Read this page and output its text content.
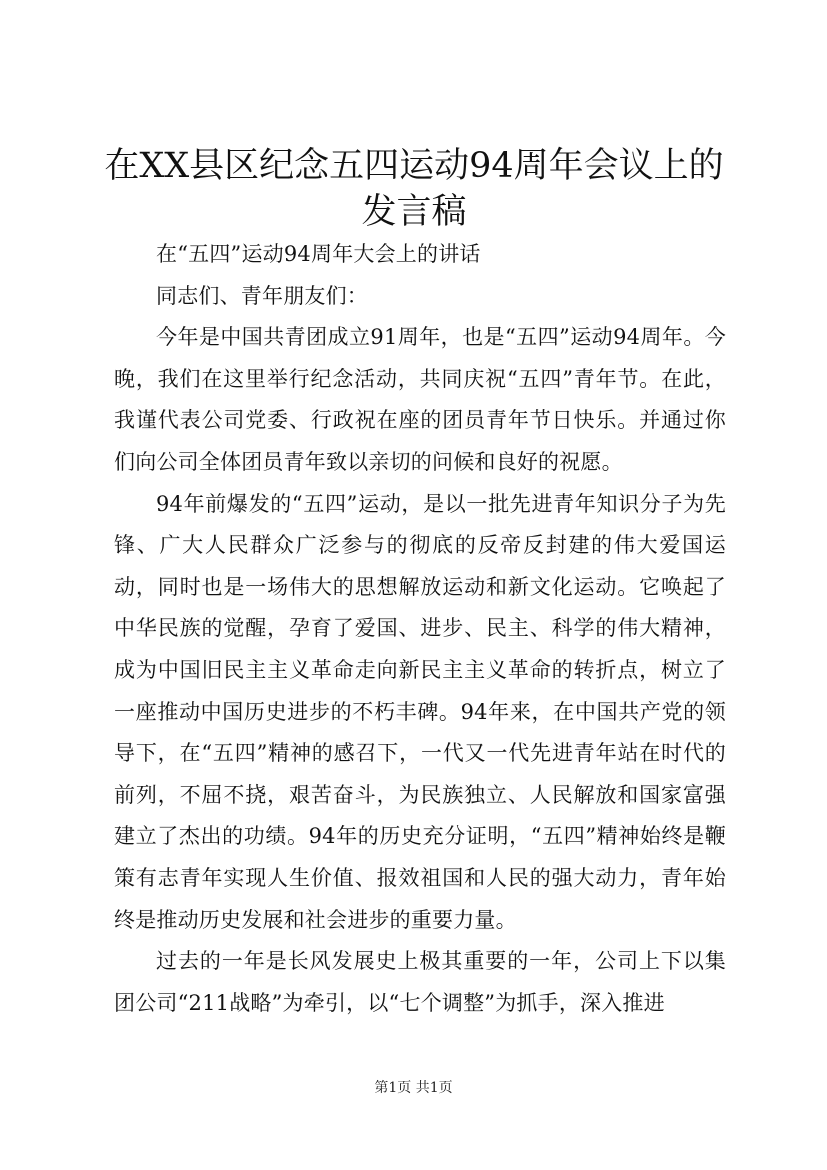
在XX县区纪念五四运动94周年会议上的发言稿

在“五四”运动94周年大会上的讲话

同志们、青年朋友们：

今年是中国共青团成立91周年，也是“五四”运动94周年。今晚，我们在这里举行纪念活动，共同庆祝“五四”青年节。在此，我谨代表公司党委、行政祝在座的团员青年节日快乐。并通过你们向公司全体团员青年致以亲切的问候和良好的祝愿。

94年前爆发的“五四”运动，是以一批先进青年知识分子为先锋、广大人民群众广泛参与的彻底的反帝反封建的伟大爱国运动，同时也是一场伟大的思想解放运动和新文化运动。它唤起了中华民族的觉醒，孕育了爱国、进步、民主、科学的伟大精神，成为中国旧民主主义革命走向新民主主义革命的转折点，树立了一座推动中国历史进步的不朽丰碑。94年来，在中国共产党的领导下，在“五四”精神的感召下，一代又一代先进青年站在时代的前列，不屈不挠，艰苦奋斗，为民族独立、人民解放和国家富强建立了杰出的功绩。94年的历史充分证明，“五四”精神始终是鞭策有志青年实现人生价值、报效祖国和人民的强大动力，青年始终是推动历史发展和社会进步的重要力量。

过去的一年是长风发展史上极其重要的一年，公司上下以集团公司“211战略”为牵引，以“七个调整”为抓手，深入推进

第1页 共1页
